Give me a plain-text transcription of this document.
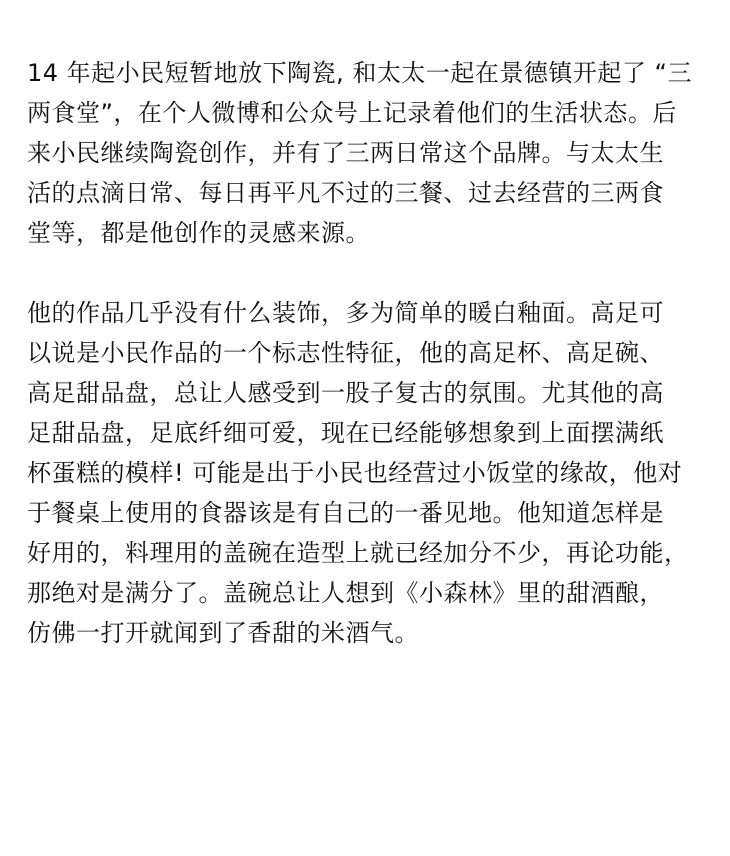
14 年起小民短暂地放下陶瓷, 和太太一起在景德镇开起了 “三
两食堂”，在个人微博和公众号上记录着他们的生活状态。后
来小民继续陶瓷创作，并有了三两日常这个品牌。与太太生
活的点滴日常、每日再平凡不过的三餐、过去经营的三两食
堂等，都是他创作的灵感来源。
他的作品几乎没有什么装饰，多为简单的暖白釉面。高足可
以说是小民作品的一个标志性特征，他的高足杯、高足碗、
高足甜品盘，总让人感受到一股子复古的氛围。尤其他的高
足甜品盘，足底纤细可爱，现在已经能够想象到上面摆满纸
杯蛋糕的模样! 可能是出于小民也经营过小饭堂的缘故，他对
于餐桌上使用的食器该是有自己的一番见地。他知道怎样是
好用的，料理用的盖碗在造型上就已经加分不少，再论功能，
那绝对是满分了。盖碗总让人想到《小森林》里的甜酒酿，
仿佛一打开就闻到了香甜的米酒气。
